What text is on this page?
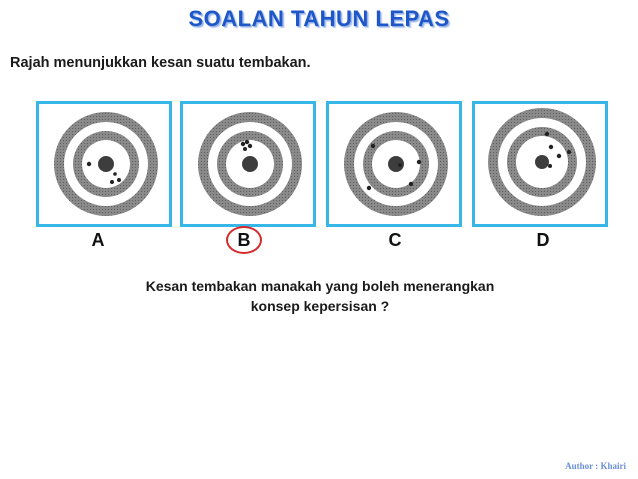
SOALAN TAHUN LEPAS
Rajah menunjukkan kesan suatu tembakan.
A	B	C	D
Kesan tembakan manakah yang boleh menerangkan
konsep kepersisan ?
Author : Khairi
